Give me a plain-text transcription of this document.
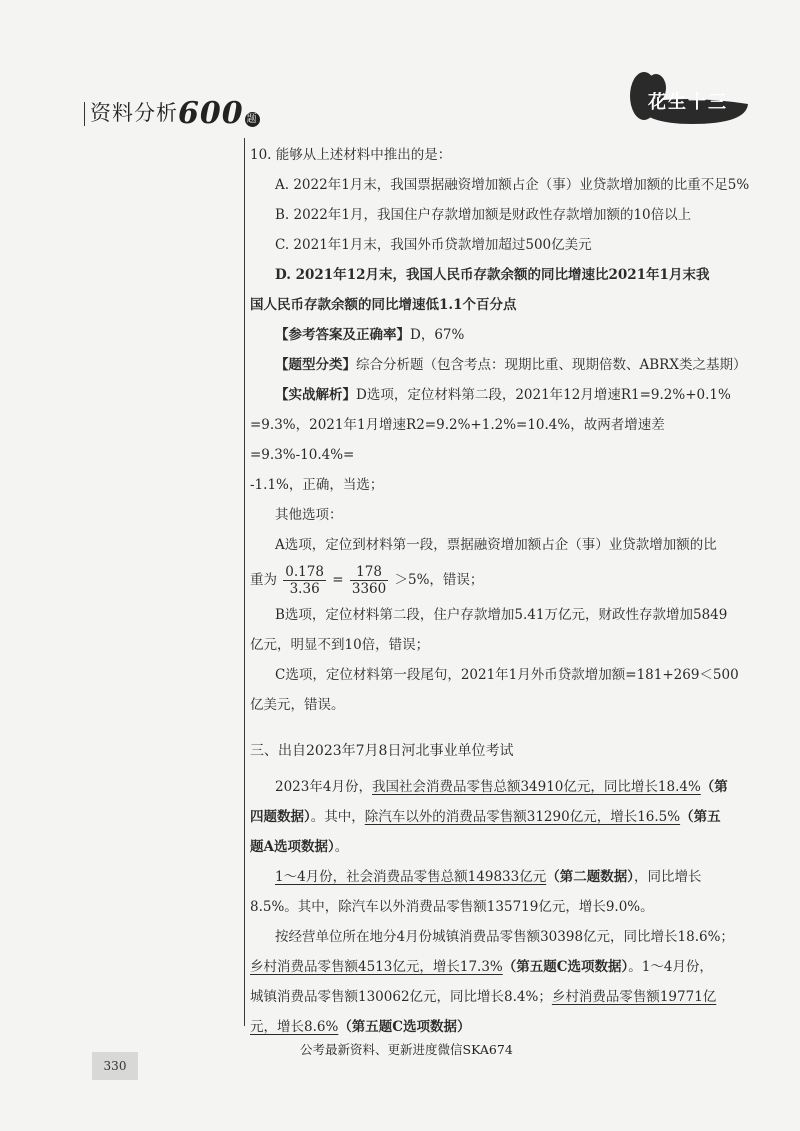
资料分析600 题
花生十三

10. 能够从上述材料中推出的是：

A. 2022年1月末，我国票据融资增加额占企（事）业贷款增加额的比重不足5%

B. 2022年1月，我国住户存款增加额是财政性存款增加额的10倍以上

C. 2021年1月末，我国外币贷款增加超过500亿美元

D. 2021年12月末，我国人民币存款余额的同比增速比2021年1月末我

国人民币存款余额的同比增速低1.1个百分点

【参考答案及正确率】D，67%

【题型分类】综合分析题（包含考点：现期比重、现期倍数、ABRX类之基期）

【实战解析】D选项，定位材料第二段，2021年12月增速R1=9.2%+0.1%

=9.3%，2021年1月增速R2=9.2%+1.2%=10.4%，故两者增速差=9.3%-10.4%=

-1.1%，正确，当选；

其他选项：

A选项，定位到材料第一段，票据融资增加额占企（事）业贷款增加额的比

重为 $\frac{0.178}{3.36} = \frac{178}{3360} >5\%$，错误；

B选项，定位材料第二段，住户存款增加5.41万亿元，财政性存款增加5849

亿元，明显不到10倍，错误；

C选项，定位材料第一段尾句，2021年1月外币贷款增加额=181+269＜500

亿美元，错误。

三、出自2023年7月8日河北事业单位考试

2023年4月份，我国社会消费品零售总额34910亿元，同比增长18.4%（第

四题数据）。其中，除汽车以外的消费品零售额31290亿元，增长16.5%（第五

题A选项数据）。

1～4月份，社会消费品零售总额149833亿元（第二题数据），同比增长

8.5%。其中，除汽车以外消费品零售额135719亿元，增长9.0%。

按经营单位所在地分4月份城镇消费品零售额30398亿元，同比增长18.6%；

乡村消费品零售额4513亿元，增长17.3%（第五题C选项数据）。1～4月份，

城镇消费品零售额130062亿元，同比增长8.4%；乡村消费品零售额19771亿

元，增长8.6%（第五题C选项数据）

公考最新资料、更新进度微信SKA674
330
